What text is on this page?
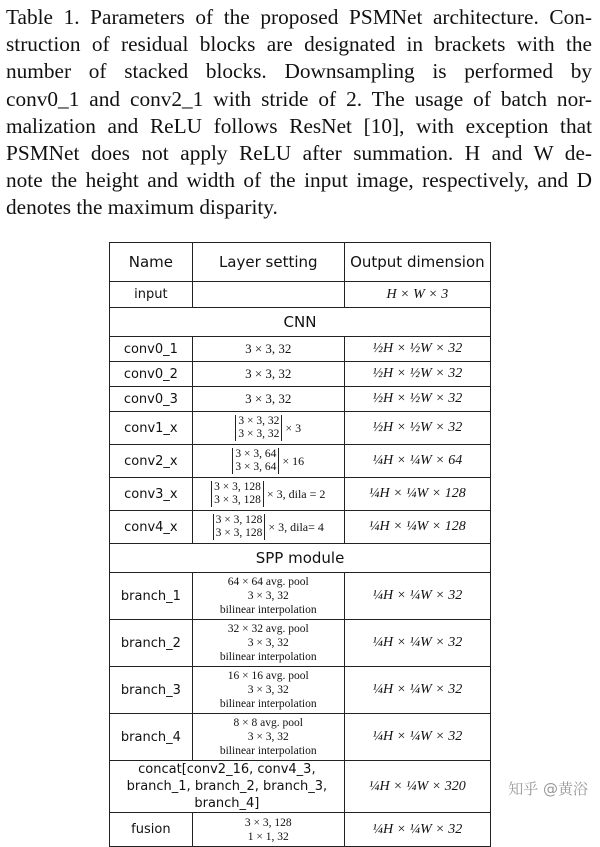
Table 1. Parameters of the proposed PSMNet architecture. Con-
struction of residual blocks are designated in brackets with the
number of stacked blocks. Downsampling is performed by
conv0_1 and conv2_1 with stride of 2. The usage of batch nor-
malization and ReLU follows ResNet [10], with exception that
PSMNet does not apply ReLU after summation. H and W de-
note the height and width of the input image, respectively, and D
denotes the maximum disparity.
Name	Layer setting	Output dimension
input		H × W × 3
CNN		
conv0_1	3 × 3, 32	½H × ½W × 32
conv0_2	3 × 3, 32	½H × ½W × 32
conv0_3	3 × 3, 32	½H × ½W × 32
conv1_x	3 × 3, 32
3 × 3, 32 × 3	½H × ½W × 32
conv2_x	3 × 3, 64
3 × 3, 64 × 16	¼H × ¼W × 64
conv3_x	3 × 3, 128
3 × 3, 128 × 3, dila = 2	¼H × ¼W × 128
conv4_x	3 × 3, 128
3 × 3, 128 × 3, dila= 4	¼H × ¼W × 128
SPP module		
branch_1	64 × 64 avg. pool
3 × 3, 32
bilinear interpolation	¼H × ¼W × 32
branch_2	32 × 32 avg. pool
3 × 3, 32
bilinear interpolation	¼H × ¼W × 32
branch_3	16 × 16 avg. pool
3 × 3, 32
bilinear interpolation	¼H × ¼W × 32
branch_4	8 × 8 avg. pool
3 × 3, 32
bilinear interpolation	¼H × ¼W × 32
concat[conv2_16, conv4_3, branch_1, branch_2, branch_3, branch_4]		¼H × ¼W × 320
fusion	3 × 3, 128
1 × 1, 32	¼H × ¼W × 32
知乎 @黄浴
